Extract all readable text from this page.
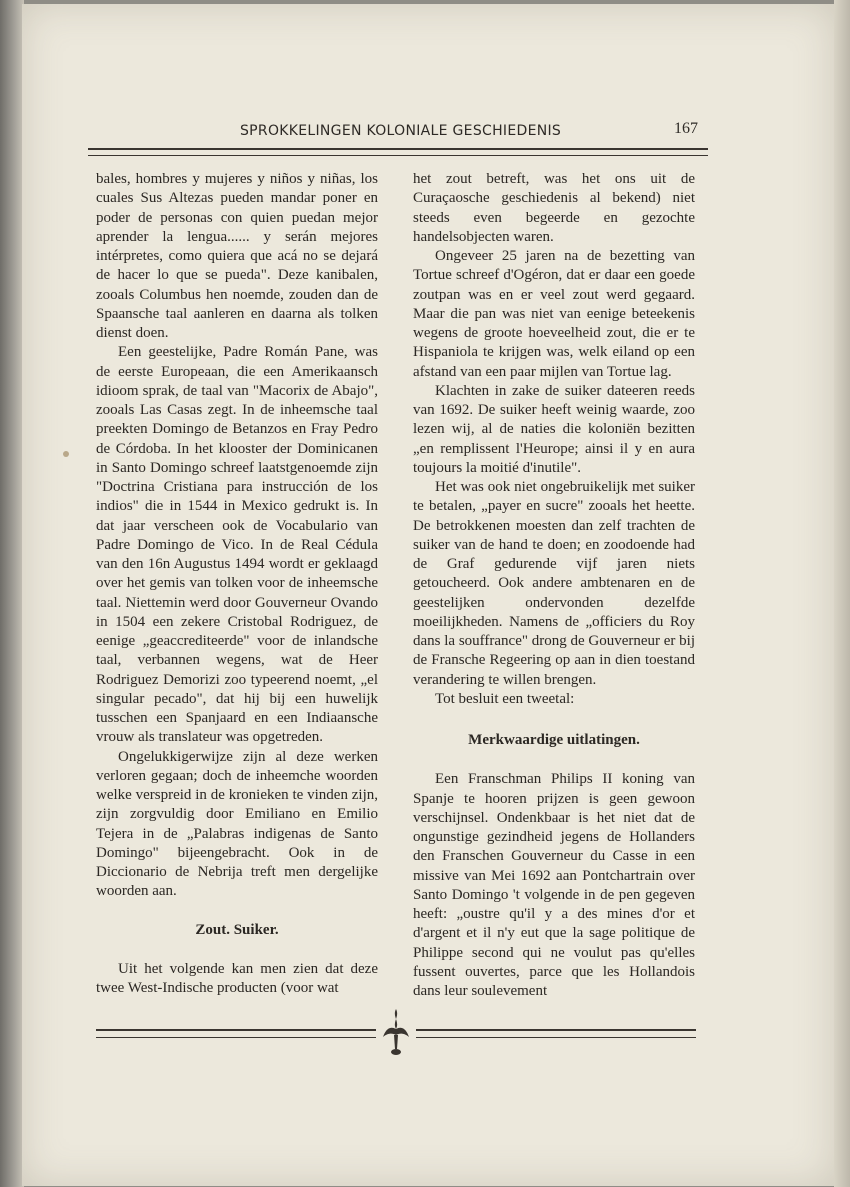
SPROKKELINGEN KOLONIALE GESCHIEDENIS	167

bales, hombres y mujeres y niños y niñas, los cuales Sus Altezas pueden mandar poner en poder de personas con quien puedan mejor aprender la lengua...... y serán mejores intérpretes, como quiera que acá no se dejará de hacer lo que se pueda". Deze kanibalen, zooals Columbus hen noemde, zouden dan de Spaansche taal aanleren en daarna als tolken dienst doen.

Een geestelijke, Padre Román Pane, was de eerste Europeaan, die een Amerikaansch idioom sprak, de taal van "Macorix de Abajo", zooals Las Casas zegt. In de inheemsche taal preekten Domingo de Betanzos en Fray Pedro de Córdoba. In het klooster der Dominicanen in Santo Domingo schreef laatstgenoemde zijn "Doctrina Cristiana para instrucción de los indios" die in 1544 in Mexico gedrukt is. In dat jaar verscheen ook de Vocabulario van Padre Domingo de Vico. In de Real Cédula van den 16n Augustus 1494 wordt er geklaagd over het gemis van tolken voor de inheemsche taal. Niettemin werd door Gouverneur Ovando in 1504 een zekere Cristobal Rodriguez, de eenige „geaccrediteerde" voor de inlandsche taal, verbannen wegens, wat de Heer Rodriguez Demorizi zoo typeerend noemt, „el singular pecado", dat hij bij een huwelijk tusschen een Spanjaard en een Indiaansche vrouw als translateur was opgetreden.

Ongelukkigerwijze zijn al deze werken verloren gegaan; doch de inheemche woorden welke verspreid in de kronieken te vinden zijn, zijn zorgvuldig door Emiliano en Emilio Tejera in de „Palabras indigenas de Santo Domingo" bijeengebracht. Ook in de Diccionario de Nebrija treft men dergelijke woorden aan.

Zout. Suiker.

Uit het volgende kan men zien dat deze twee West-Indische producten (voor wat

het zout betreft, was het ons uit de Curaçaosche geschiedenis al bekend) niet steeds even begeerde en gezochte handelsobjecten waren.

Ongeveer 25 jaren na de bezetting van Tortue schreef d'Ogéron, dat er daar een goede zoutpan was en er veel zout werd gegaard. Maar die pan was niet van eenige beteekenis wegens de groote hoeveelheid zout, die er te Hispaniola te krijgen was, welk eiland op een afstand van een paar mijlen van Tortue lag.

Klachten in zake de suiker dateeren reeds van 1692. De suiker heeft weinig waarde, zoo lezen wij, al de naties die koloniën bezitten „en remplissent l'Heurope; ainsi il y en aura toujours la moitié d'inutile".

Het was ook niet ongebruikelijk met suiker te betalen, „payer en sucre" zooals het heette. De betrokkenen moesten dan zelf trachten de suiker van de hand te doen; en zoodoende had de Graf gedurende vijf jaren niets getoucheerd. Ook andere ambtenaren en de geestelijken ondervonden dezelfde moeilijkheden. Namens de „officiers du Roy dans la souffrance" drong de Gouverneur er bij de Fransche Regeering op aan in dien toestand verandering te willen brengen.

Tot besluit een tweetal:

Merkwaardige uitlatingen.

Een Franschman Philips II koning van Spanje te hooren prijzen is geen gewoon verschijnsel. Ondenkbaar is het niet dat de ongunstige gezindheid jegens de Hollanders den Franschen Gouverneur du Casse in een missive van Mei 1692 aan Pontchartrain over Santo Domingo 't volgende in de pen gegeven heeft: „oustre qu'il y a des mines d'or et d'argent et il n'y eut que la sage politique de Philippe second qui ne voulut pas qu'elles fussent ouvertes, parce que les Hollandois dans leur soulevement
